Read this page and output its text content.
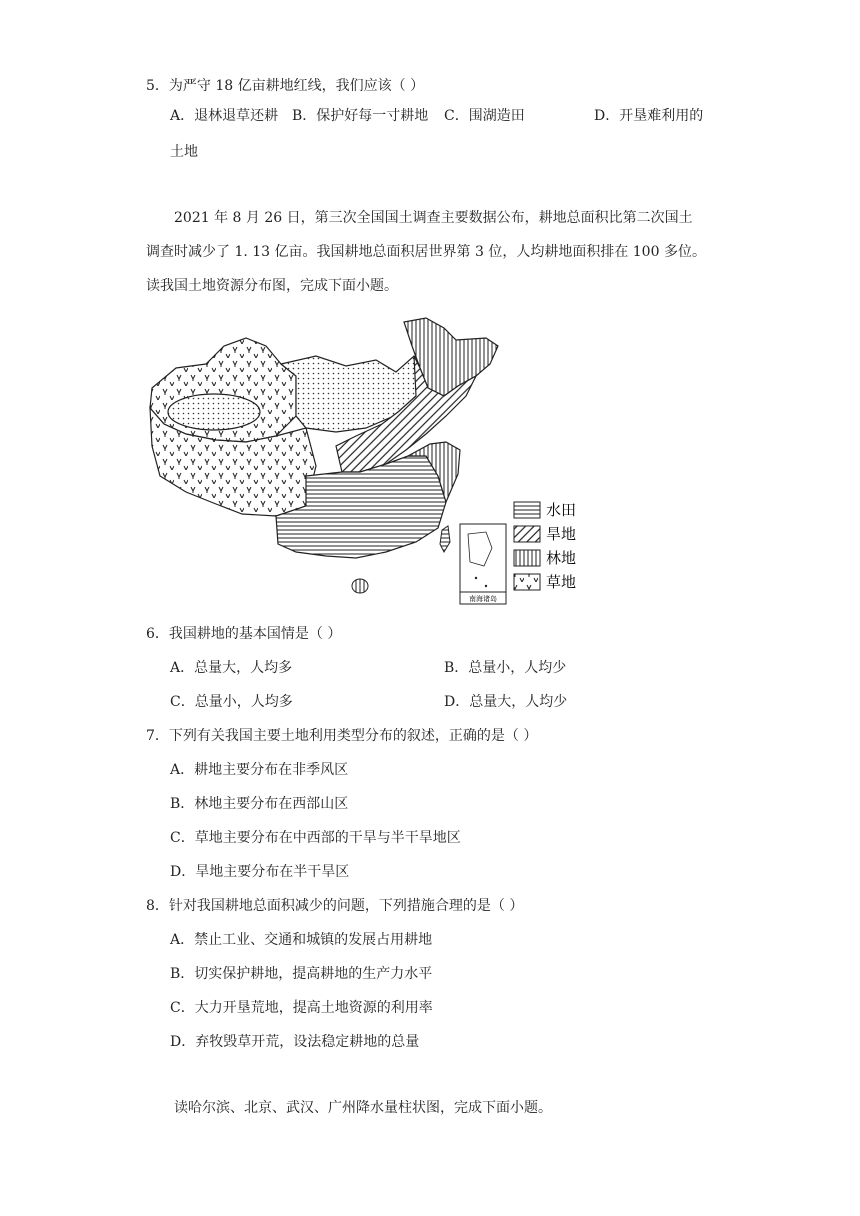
5．为严守 18 亿亩耕地红线，我们应该（ ）
A．退林退草还耕 B．保护好每一寸耕地 C．围湖造田	D．开垦难利用的
土地
2021 年 8 月 26 日，第三次全国国土调查主要数据公布，耕地总面积比第二次国土
调查时减少了 1. 13 亿亩。我国耕地总面积居世界第 3 位，人均耕地面积排在 100 多位。
读我国土地资源分布图，完成下面小题。
南海诸岛
水田
旱地
林地
草地
6．我国耕地的基本国情是（ ）
A．总量大，人均多	B．总量小，人均少
C．总量小，人均多	D．总量大，人均少
7．下列有关我国主要土地利用类型分布的叙述，正确的是（ ）
A．耕地主要分布在非季风区
B．林地主要分布在西部山区
C．草地主要分布在中西部的干旱与半干旱地区
D．旱地主要分布在半干旱区
8．针对我国耕地总面积减少的问题，下列措施合理的是（ ）
A．禁止工业、交通和城镇的发展占用耕地
B．切实保护耕地，提高耕地的生产力水平
C．大力开垦荒地，提高土地资源的利用率
D．弃牧毁草开荒，设法稳定耕地的总量
读哈尔滨、北京、武汉、广州降水量柱状图，完成下面小题。
